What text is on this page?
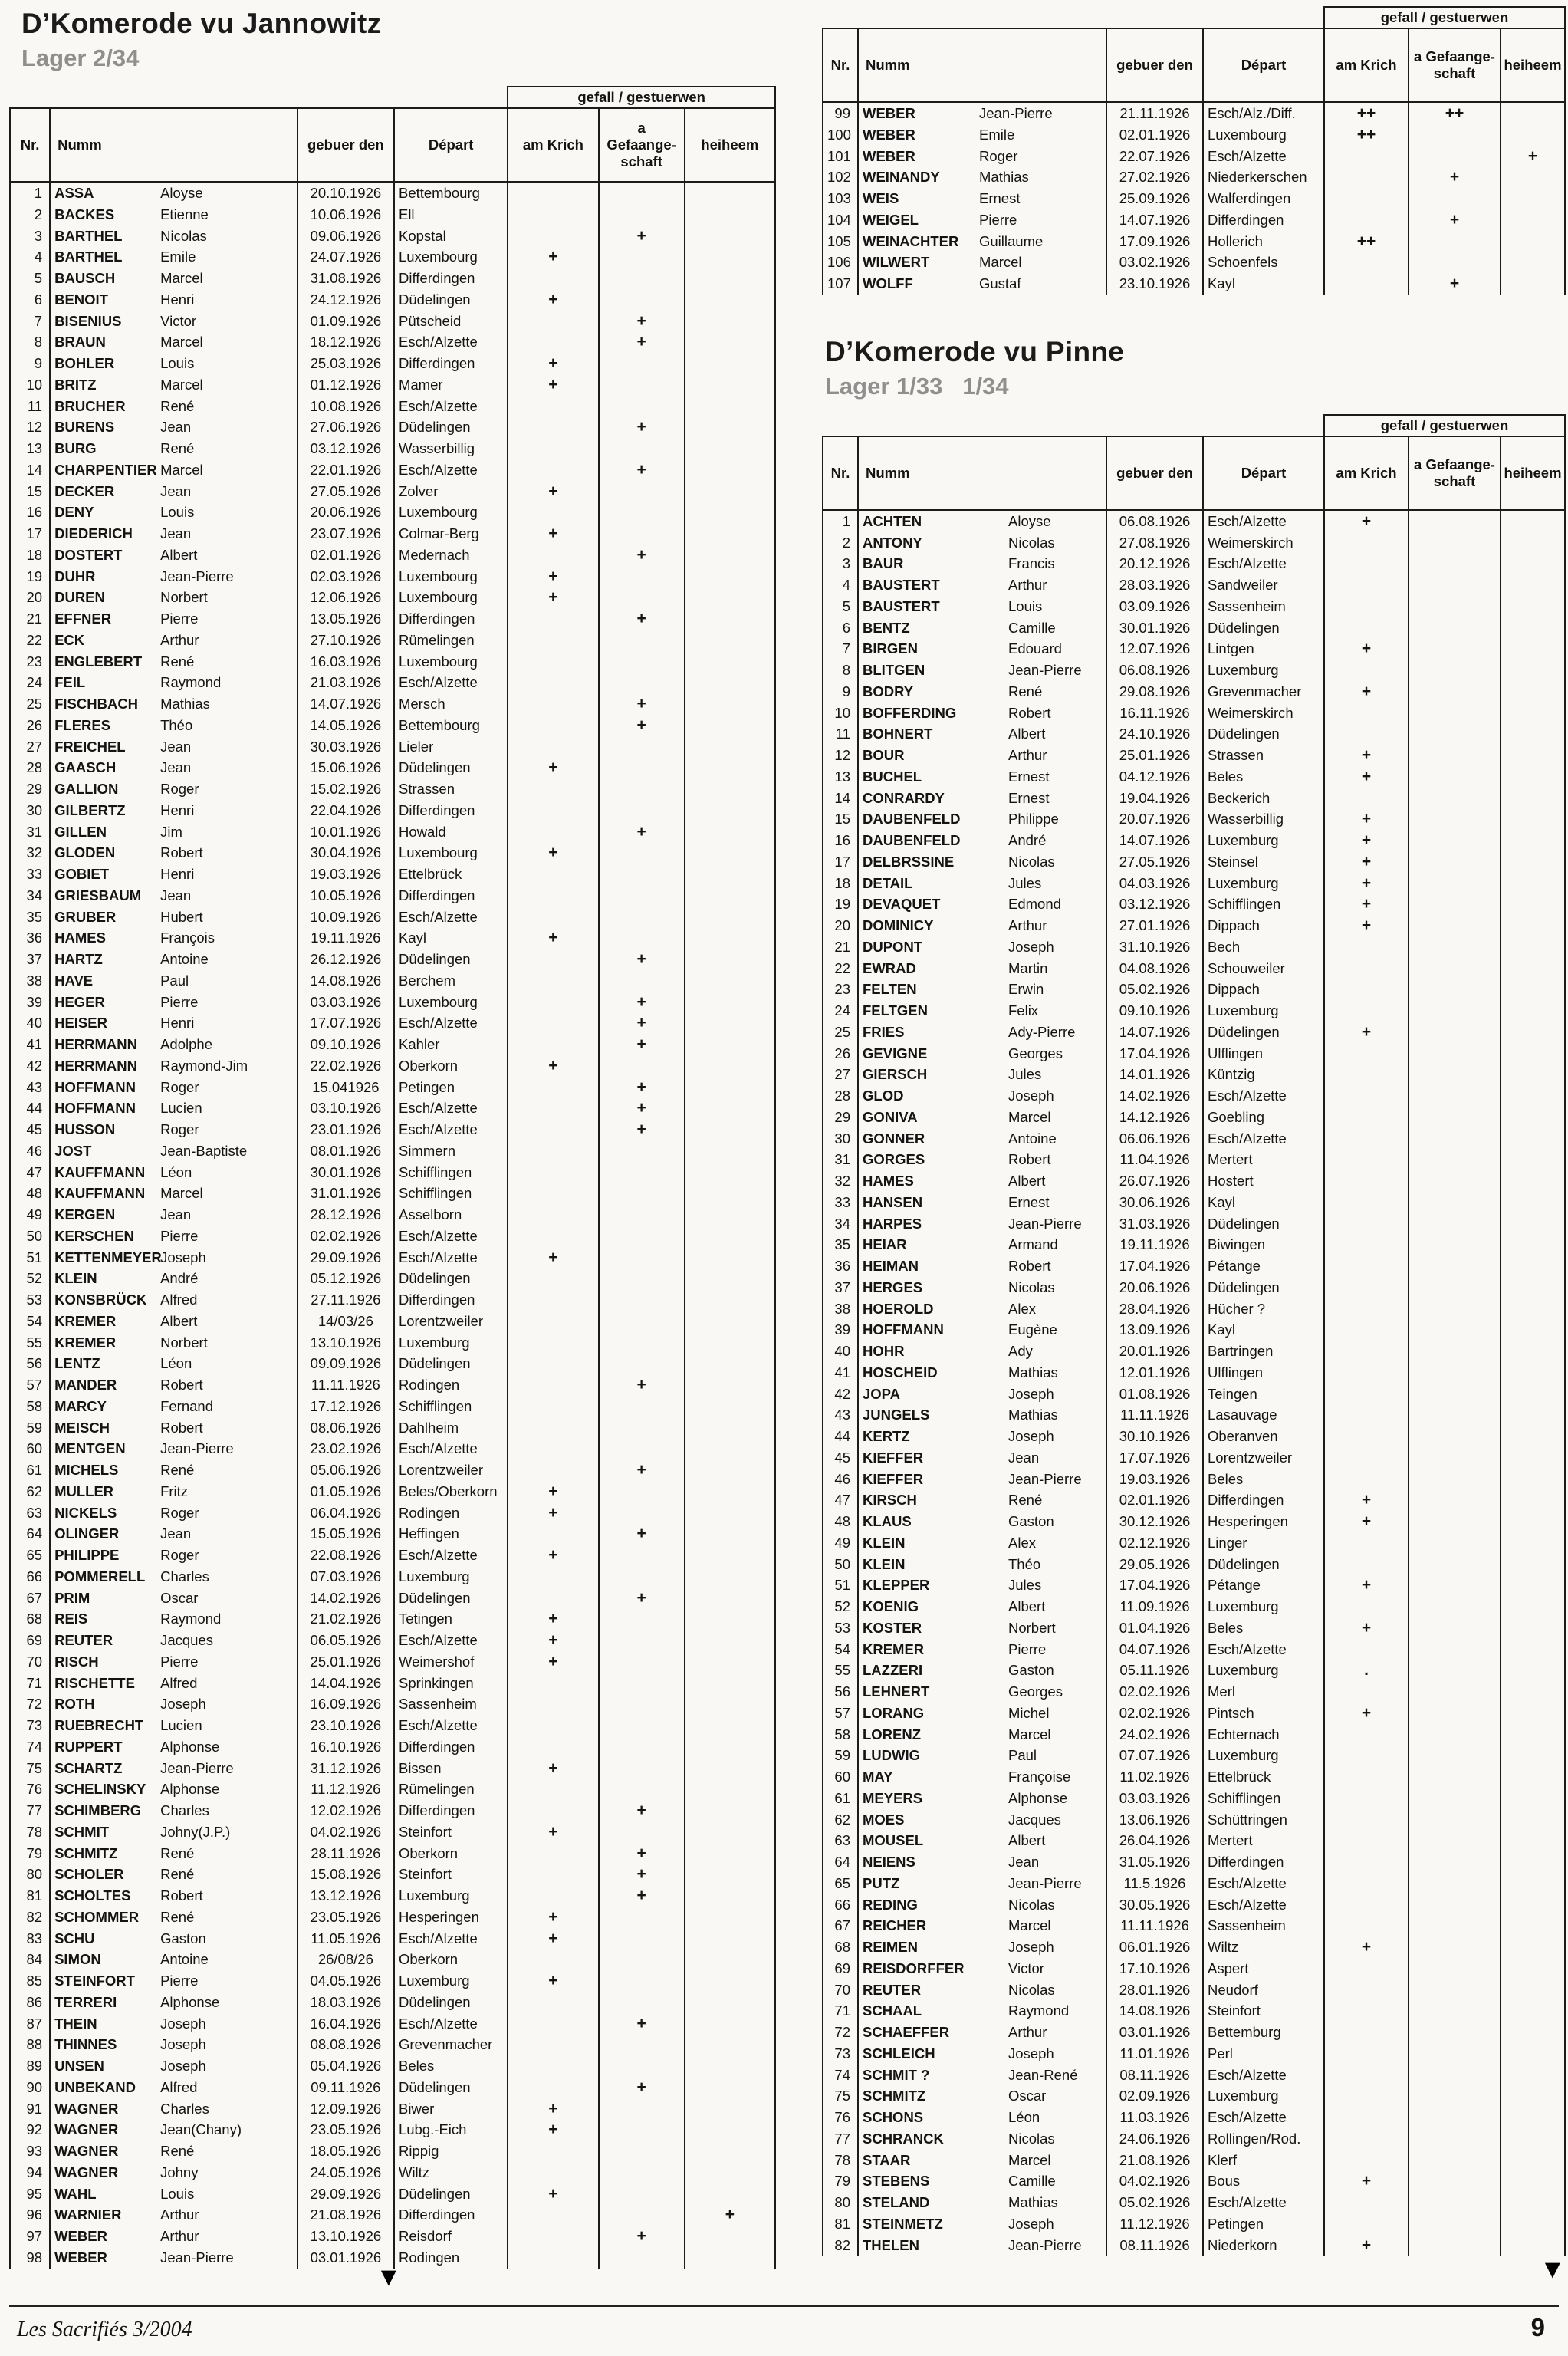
D’Komerode vu Jannowitz
Lager 2/34
				gefall / gestuerwen		
Nr.	Numm	gebuer den	Départ	am Krich	a Gefaange-schaft	heiheem
1	ASSA Aloyse	20.10.1926	Bettembourg			
2	BACKES Etienne	10.06.1926	Ell			
3	BARTHEL Nicolas	09.06.1926	Kopstal		+	
4	BARTHEL Emile	24.07.1926	Luxembourg	+		
5	BAUSCH Marcel	31.08.1926	Differdingen			
6	BENOIT Henri	24.12.1926	Düdelingen	+		
7	BISENIUS Victor	01.09.1926	Pütscheid		+	
8	BRAUN Marcel	18.12.1926	Esch/Alzette		+	
9	BOHLER Louis	25.03.1926	Differdingen	+		
10	BRITZ Marcel	01.12.1926	Mamer	+		
11	BRUCHER René	10.08.1926	Esch/Alzette			
12	BURENS Jean	27.06.1926	Düdelingen		+	
13	BURG René	03.12.1926	Wasserbillig			
14	CHARPENTIER Marcel	22.01.1926	Esch/Alzette		+	
15	DECKER Jean	27.05.1926	Zolver	+		
16	DENY Louis	20.06.1926	Luxembourg			
17	DIEDERICH Jean	23.07.1926	Colmar-Berg	+		
18	DOSTERT Albert	02.01.1926	Medernach		+	
19	DUHR Jean-Pierre	02.03.1926	Luxembourg	+		
20	DUREN Norbert	12.06.1926	Luxembourg	+		
21	EFFNER Pierre	13.05.1926	Differdingen		+	
22	ECK Arthur	27.10.1926	Rümelingen			
23	ENGLEBERT René	16.03.1926	Luxembourg			
24	FEIL Raymond	21.03.1926	Esch/Alzette			
25	FISCHBACH Mathias	14.07.1926	Mersch		+	
26	FLERES Théo	14.05.1926	Bettembourg		+	
27	FREICHEL Jean	30.03.1926	Lieler			
28	GAASCH Jean	15.06.1926	Düdelingen	+		
29	GALLION Roger	15.02.1926	Strassen			
30	GILBERTZ Henri	22.04.1926	Differdingen			
31	GILLEN Jim	10.01.1926	Howald		+	
32	GLODEN Robert	30.04.1926	Luxembourg	+		
33	GOBIET Henri	19.03.1926	Ettelbrück			
34	GRIESBAUM Jean	10.05.1926	Differdingen			
35	GRUBER Hubert	10.09.1926	Esch/Alzette			
36	HAMES François	19.11.1926	Kayl	+		
37	HARTZ Antoine	26.12.1926	Düdelingen		+	
38	HAVE Paul	14.08.1926	Berchem			
39	HEGER Pierre	03.03.1926	Luxembourg		+	
40	HEISER Henri	17.07.1926	Esch/Alzette		+	
41	HERRMANN Adolphe	09.10.1926	Kahler		+	
42	HERRMANN Raymond-Jim	22.02.1926	Oberkorn	+		
43	HOFFMANN Roger	15.041926	Petingen		+	
44	HOFFMANN Lucien	03.10.1926	Esch/Alzette		+	
45	HUSSON Roger	23.01.1926	Esch/Alzette		+	
46	JOST Jean-Baptiste	08.01.1926	Simmern			
47	KAUFFMANN Léon	30.01.1926	Schifflingen			
48	KAUFFMANN Marcel	31.01.1926	Schifflingen			
49	KERGEN Jean	28.12.1926	Asselborn			
50	KERSCHEN Pierre	02.02.1926	Esch/Alzette			
51	KETTENMEYERJoseph	29.09.1926	Esch/Alzette	+		
52	KLEIN André	05.12.1926	Düdelingen			
53	KONSBRÜCK Alfred	27.11.1926	Differdingen			
54	KREMER Albert	14/03/26	Lorentzweiler			
55	KREMER Norbert	13.10.1926	Luxemburg			
56	LENTZ Léon	09.09.1926	Düdelingen			
57	MANDER Robert	11.11.1926	Rodingen		+	
58	MARCY Fernand	17.12.1926	Schifflingen			
59	MEISCH Robert	08.06.1926	Dahlheim			
60	MENTGEN Jean-Pierre	23.02.1926	Esch/Alzette			
61	MICHELS René	05.06.1926	Lorentzweiler		+	
62	MULLER Fritz	01.05.1926	Beles/Oberkorn	+		
63	NICKELS Roger	06.04.1926	Rodingen	+		
64	OLINGER Jean	15.05.1926	Heffingen		+	
65	PHILIPPE Roger	22.08.1926	Esch/Alzette	+		
66	POMMERELL Charles	07.03.1926	Luxemburg			
67	PRIM Oscar	14.02.1926	Düdelingen		+	
68	REIS Raymond	21.02.1926	Tetingen	+		
69	REUTER Jacques	06.05.1926	Esch/Alzette	+		
70	RISCH Pierre	25.01.1926	Weimershof	+		
71	RISCHETTE Alfred	14.04.1926	Sprinkingen			
72	ROTH Joseph	16.09.1926	Sassenheim			
73	RUEBRECHT Lucien	23.10.1926	Esch/Alzette			
74	RUPPERT Alphonse	16.10.1926	Differdingen			
75	SCHARTZ Jean-Pierre	31.12.1926	Bissen	+		
76	SCHELINSKY Alphonse	11.12.1926	Rümelingen			
77	SCHIMBERG Charles	12.02.1926	Differdingen		+	
78	SCHMIT Johny(J.P.)	04.02.1926	Steinfort	+		
79	SCHMITZ René	28.11.1926	Oberkorn		+	
80	SCHOLER René	15.08.1926	Steinfort		+	
81	SCHOLTES Robert	13.12.1926	Luxemburg		+	
82	SCHOMMER René	23.05.1926	Hesperingen	+		
83	SCHU Gaston	11.05.1926	Esch/Alzette	+		
84	SIMON Antoine	26/08/26	Oberkorn			
85	STEINFORT Pierre	04.05.1926	Luxemburg	+		
86	TERRERI Alphonse	18.03.1926	Düdelingen			
87	THEIN Joseph	16.04.1926	Esch/Alzette		+	
88	THINNES Joseph	08.08.1926	Grevenmacher			
89	UNSEN Joseph	05.04.1926	Beles			
90	UNBEKAND Alfred	09.11.1926	Düdelingen		+	
91	WAGNER Charles	12.09.1926	Biwer	+		
92	WAGNER Jean(Chany)	23.05.1926	Lubg.-Eich	+		
93	WAGNER René	18.05.1926	Rippig			
94	WAGNER Johny	24.05.1926	Wiltz			
95	WAHL Louis	29.09.1926	Düdelingen	+		
96	WARNIER Arthur	21.08.1926	Differdingen			+
97	WEBER Arthur	13.10.1926	Reisdorf		+	
98	WEBER Jean-Pierre	03.01.1926	Rodingen			
				gefall / gestuerwen		
Nr.	Numm	gebuer den	Départ	am Krich	a Gefaange-schaft	heiheem
99	WEBER Jean-Pierre	21.11.1926	Esch/Alz./Diff.	++	++	
100	WEBER Emile	02.01.1926	Luxembourg	++		
101	WEBER Roger	22.07.1926	Esch/Alzette			+
102	WEINANDY Mathias	27.02.1926	Niederkerschen		+	
103	WEIS Ernest	25.09.1926	Walferdingen			
104	WEIGEL Pierre	14.07.1926	Differdingen		+	
105	WEINACHTER Guillaume	17.09.1926	Hollerich	++		
106	WILWERT Marcel	03.02.1926	Schoenfels			
107	WOLFF Gustaf	23.10.1926	Kayl		+	
D’Komerode vu Pinne
Lager 1/33   1/34
				gefall / gestuerwen		
Nr.	Numm	gebuer den	Départ	am Krich	a Gefaange-schaft	heiheem
1	ACHTEN Aloyse	06.08.1926	Esch/Alzette	+		
2	ANTONY Nicolas	27.08.1926	Weimerskirch			
3	BAUR Francis	20.12.1926	Esch/Alzette			
4	BAUSTERT Arthur	28.03.1926	Sandweiler			
5	BAUSTERT Louis	03.09.1926	Sassenheim			
6	BENTZ Camille	30.01.1926	Düdelingen			
7	BIRGEN Edouard	12.07.1926	Lintgen	+		
8	BLITGEN Jean-Pierre	06.08.1926	Luxemburg			
9	BODRY René	29.08.1926	Grevenmacher	+		
10	BOFFERDING Robert	16.11.1926	Weimerskirch			
11	BOHNERT Albert	24.10.1926	Düdelingen			
12	BOUR Arthur	25.01.1926	Strassen	+		
13	BUCHEL Ernest	04.12.1926	Beles	+		
14	CONRARDY Ernest	19.04.1926	Beckerich			
15	DAUBENFELD Philippe	20.07.1926	Wasserbillig	+		
16	DAUBENFELD André	14.07.1926	Luxemburg	+		
17	DELBRSSINE Nicolas	27.05.1926	Steinsel	+		
18	DETAIL Jules	04.03.1926	Luxemburg	+		
19	DEVAQUET Edmond	03.12.1926	Schifflingen	+		
20	DOMINICY Arthur	27.01.1926	Dippach	+		
21	DUPONT Joseph	31.10.1926	Bech			
22	EWRAD Martin	04.08.1926	Schouweiler			
23	FELTEN Erwin	05.02.1926	Dippach			
24	FELTGEN Felix	09.10.1926	Luxemburg			
25	FRIES Ady-Pierre	14.07.1926	Düdelingen	+		
26	GEVIGNE Georges	17.04.1926	Ulflingen			
27	GIERSCH Jules	14.01.1926	Küntzig			
28	GLOD Joseph	14.02.1926	Esch/Alzette			
29	GONIVA Marcel	14.12.1926	Goebling			
30	GONNER Antoine	06.06.1926	Esch/Alzette			
31	GORGES Robert	11.04.1926	Mertert			
32	HAMES Albert	26.07.1926	Hostert			
33	HANSEN Ernest	30.06.1926	Kayl			
34	HARPES Jean-Pierre	31.03.1926	Düdelingen			
35	HEIAR Armand	19.11.1926	Biwingen			
36	HEIMAN Robert	17.04.1926	Pétange			
37	HERGES Nicolas	20.06.1926	Düdelingen			
38	HOEROLD Alex	28.04.1926	Hücher ?			
39	HOFFMANN Eugène	13.09.1926	Kayl			
40	HOHR Ady	20.01.1926	Bartringen			
41	HOSCHEID Mathias	12.01.1926	Ulflingen			
42	JOPA Joseph	01.08.1926	Teingen			
43	JUNGELS Mathias	11.11.1926	Lasauvage			
44	KERTZ Joseph	30.10.1926	Oberanven			
45	KIEFFER Jean	17.07.1926	Lorentzweiler			
46	KIEFFER Jean-Pierre	19.03.1926	Beles			
47	KIRSCH René	02.01.1926	Differdingen	+		
48	KLAUS Gaston	30.12.1926	Hesperingen	+		
49	KLEIN Alex	02.12.1926	Linger			
50	KLEIN Théo	29.05.1926	Düdelingen			
51	KLEPPER Jules	17.04.1926	Pétange	+		
52	KOENIG Albert	11.09.1926	Luxemburg			
53	KOSTER Norbert	01.04.1926	Beles	+		
54	KREMER Pierre	04.07.1926	Esch/Alzette			
55	LAZZERI Gaston	05.11.1926	Luxemburg	.		
56	LEHNERT Georges	02.02.1926	Merl			
57	LORANG Michel	02.02.1926	Pintsch	+		
58	LORENZ Marcel	24.02.1926	Echternach			
59	LUDWIG Paul	07.07.1926	Luxemburg			
60	MAY Françoise	11.02.1926	Ettelbrück			
61	MEYERS Alphonse	03.03.1926	Schifflingen			
62	MOES Jacques	13.06.1926	Schüttringen			
63	MOUSEL Albert	26.04.1926	Mertert			
64	NEIENS Jean	31.05.1926	Differdingen			
65	PUTZ Jean-Pierre	11.5.1926	Esch/Alzette			
66	REDING Nicolas	30.05.1926	Esch/Alzette			
67	REICHER Marcel	11.11.1926	Sassenheim			
68	REIMEN Joseph	06.01.1926	Wiltz	+		
69	REISDORFFER Victor	17.10.1926	Aspert			
70	REUTER Nicolas	28.01.1926	Neudorf			
71	SCHAAL Raymond	14.08.1926	Steinfort			
72	SCHAEFFER Arthur	03.01.1926	Bettemburg			
73	SCHLEICH Joseph	11.01.1926	Perl			
74	SCHMIT ? Jean-René	08.11.1926	Esch/Alzette			
75	SCHMITZ Oscar	02.09.1926	Luxemburg			
76	SCHONS Léon	11.03.1926	Esch/Alzette			
77	SCHRANCK Nicolas	24.06.1926	Rollingen/Rod.			
78	STAAR Marcel	21.08.1926	Klerf			
79	STEBENS Camille	04.02.1926	Bous	+		
80	STELAND Mathias	05.02.1926	Esch/Alzette			
81	STEINMETZ Joseph	11.12.1926	Petingen			
82	THELEN Jean-Pierre	08.11.1926	Niederkorn	+		
▼	▼
Les Sacrifiés 3/2004	9
